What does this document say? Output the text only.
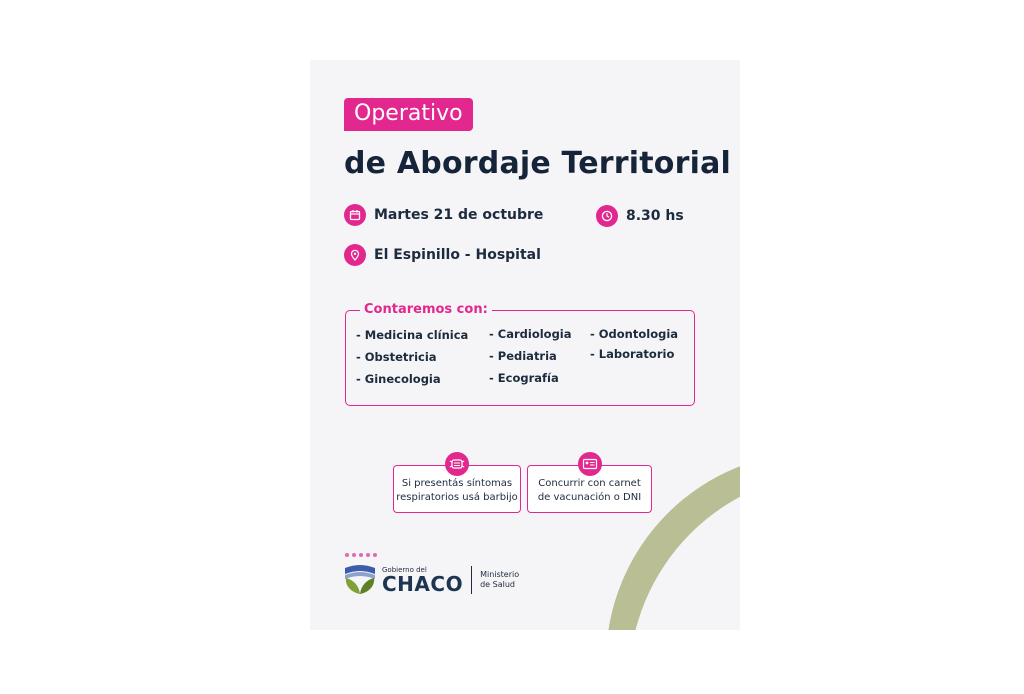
Operativo
de Abordaje Territorial
Martes 21 de octubre	8.30 hs
El Espinillo - Hospital
Contaremos con:
- Medicina clínica
- Obstetricia
- Ginecologia
- Cardiologia
- Pediatria
- Ecografía
- Odontologia
- Laboratorio
Si presentás síntomas
respiratorios usá barbijo
Concurrir con carnet
de vacunación o DNI
Gobierno del
CHACO Ministerio
de Salud
